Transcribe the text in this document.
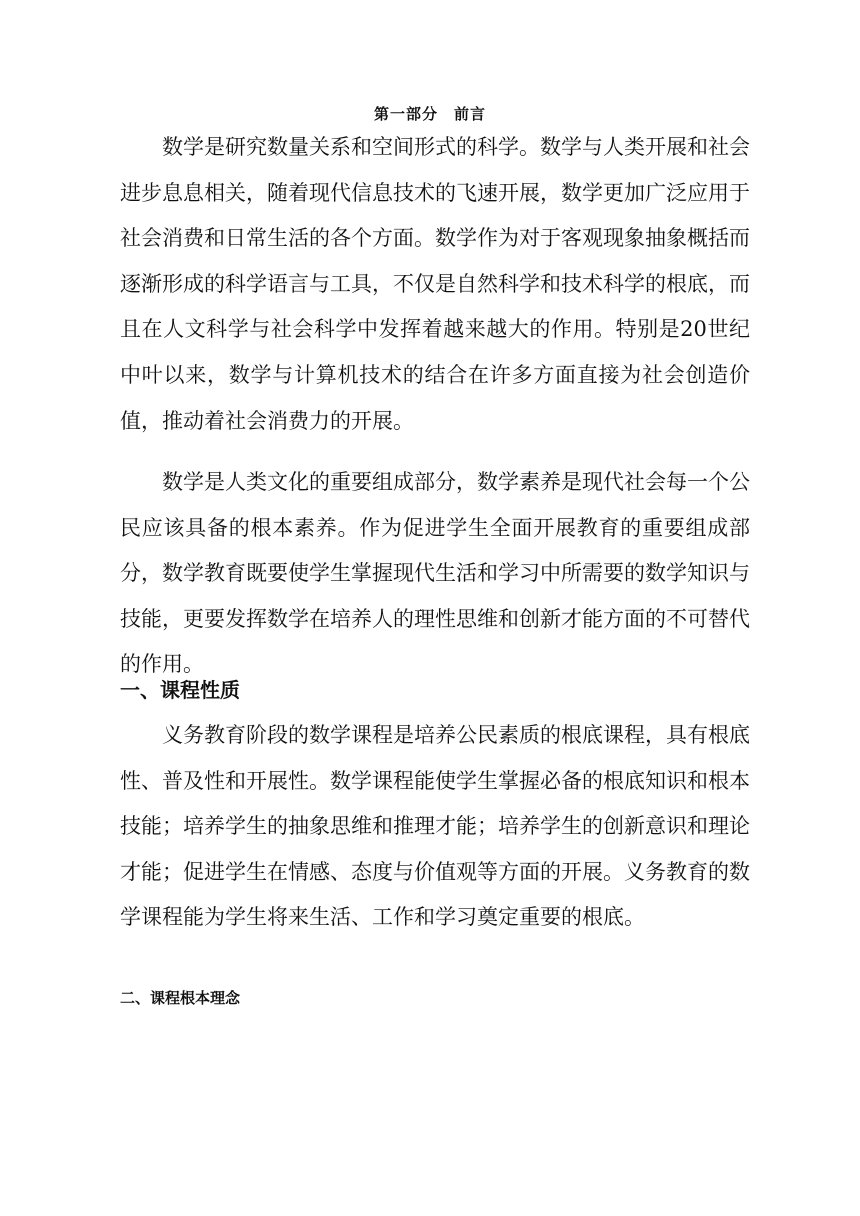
第一部分　前言

数学是研究数量关系和空间形式的科学。数学与人类开展和社会进步息息相关，随着现代信息技术的飞速开展，数学更加广泛应用于社会消费和日常生活的各个方面。数学作为对于客观现象抽象概括而逐渐形成的科学语言与工具，不仅是自然科学和技术科学的根底，而且在人文科学与社会科学中发挥着越来越大的作用。特别是20世纪中叶以来，数学与计算机技术的结合在许多方面直接为社会创造价值，推动着社会消费力的开展。

数学是人类文化的重要组成部分，数学素养是现代社会每一个公民应该具备的根本素养。作为促进学生全面开展教育的重要组成部分，数学教育既要使学生掌握现代生活和学习中所需要的数学知识与技能，更要发挥数学在培养人的理性思维和创新才能方面的不可替代的作用。

一、课程性质

义务教育阶段的数学课程是培养公民素质的根底课程，具有根底性、普及性和开展性。数学课程能使学生掌握必备的根底知识和根本技能；培养学生的抽象思维和推理才能；培养学生的创新意识和理论才能；促进学生在情感、态度与价值观等方面的开展。义务教育的数学课程能为学生将来生活、工作和学习奠定重要的根底。

二、课程根本理念
